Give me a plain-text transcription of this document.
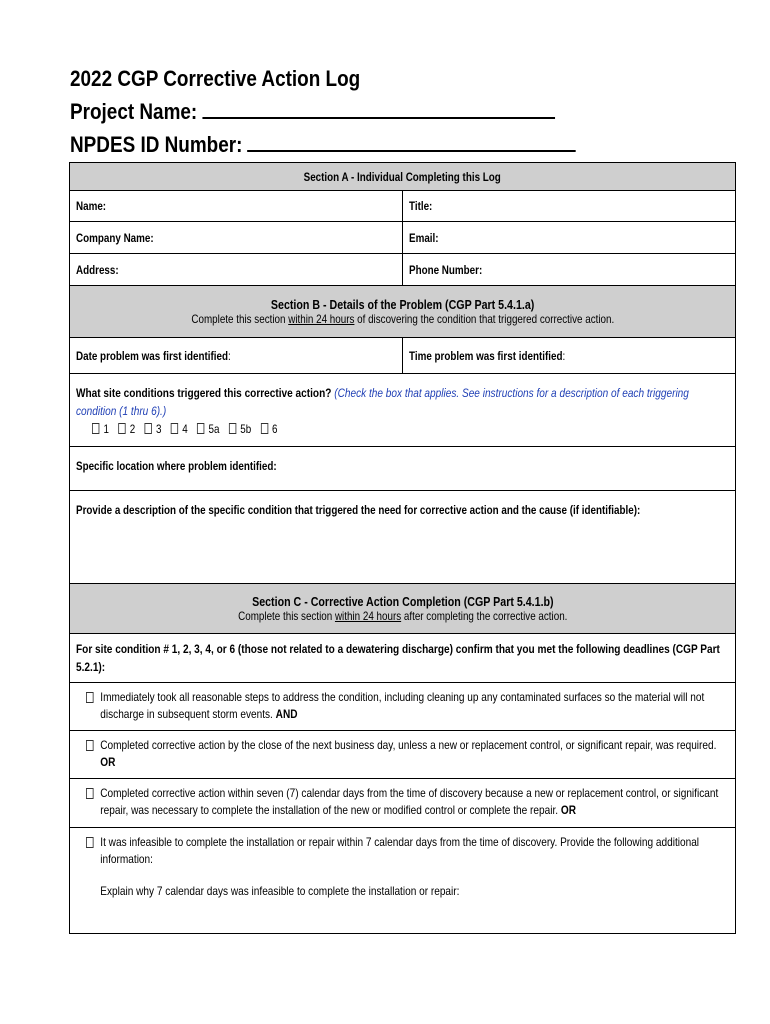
2022 CGP Corrective Action Log
Project Name:
NPDES ID Number:
Section A - Individual Completing this Log	
Name:	Title:
Company Name:	Email:
Address:	Phone Number:

Section B - Details of the Problem (CGP Part 5.4.1.a)
Complete this section within 24 hours of discovering the condition that triggered corrective action.	

Date problem was first identified:	Time problem was first identified:

What site conditions triggered this corrective action? (Check the box that applies. See instructions for a description of each triggering condition (1 thru 6).)
1 2 3 4 5a 5b 6	

Specific location where problem identified:	
Provide a description of the specific condition that triggered the need for corrective action and the cause (if identifiable):	

Section C - Corrective Action Completion (CGP Part 5.4.1.b)
Complete this section within 24 hours after completing the corrective action.	

For site condition # 1, 2, 3, 4, or 6 (those not related to a dewatering discharge) confirm that you met the following deadlines (CGP Part 5.2.1):	

Immediately took all reasonable steps to address the condition, including cleaning up any contaminated surfaces so the material will not discharge in subsequent storm events. AND	

Completed corrective action by the close of the next business day, unless a new or replacement control, or significant repair, was required. OR	

Completed corrective action within seven (7) calendar days from the time of discovery because a new or replacement control, or significant repair, was necessary to complete the installation of the new or modified control or complete the repair. OR	

It was infeasible to complete the installation or repair within 7 calendar days from the time of discovery. Provide the following additional information:
Explain why 7 calendar days was infeasible to complete the installation or repair:	
